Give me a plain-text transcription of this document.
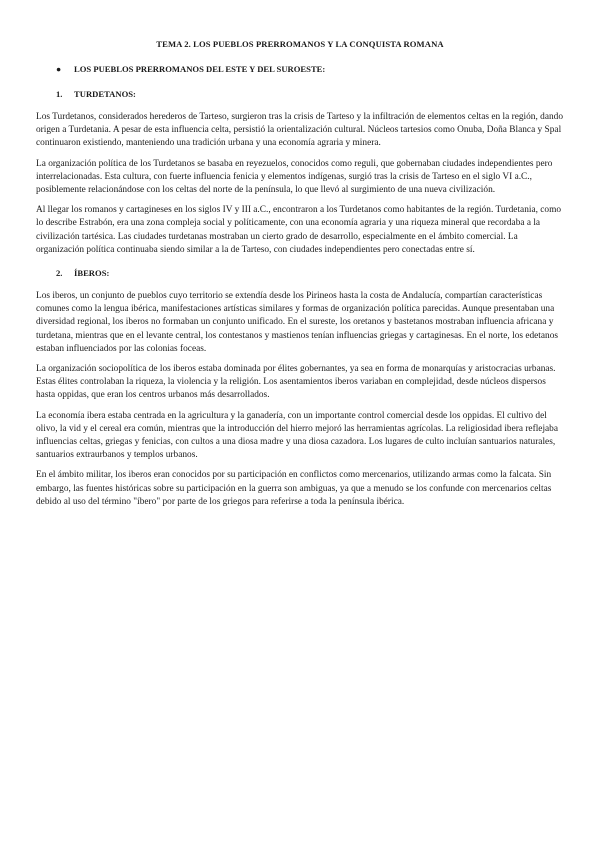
TEMA 2. LOS PUEBLOS PRERROMANOS Y LA CONQUISTA ROMANA
●	LOS PUEBLOS PRERROMANOS DEL ESTE Y DEL SUROESTE:
1.	TURDETANOS:

Los Turdetanos, considerados herederos de Tarteso, surgieron tras la crisis de Tarteso y la infiltración de elementos celtas en la región, dando origen a Turdetania. A pesar de esta influencia celta, persistió la orientalización cultural. Núcleos tartesios como Onuba, Doña Blanca y Spal continuaron existiendo, manteniendo una tradición urbana y una economía agraria y minera.

La organización política de los Turdetanos se basaba en reyezuelos, conocidos como reguli, que gobernaban ciudades independientes pero interrelacionadas. Esta cultura, con fuerte influencia fenicia y elementos indígenas, surgió tras la crisis de Tarteso en el siglo VI a.C., posiblemente relacionándose con los celtas del norte de la península, lo que llevó al surgimiento de una nueva civilización.

Al llegar los romanos y cartagineses en los siglos IV y III a.C., encontraron a los Turdetanos como habitantes de la región. Turdetania, como lo describe Estrabón, era una zona compleja social y políticamente, con una economía agraria y una riqueza mineral que recordaba a la civilización tartésica. Las ciudades turdetanas mostraban un cierto grado de desarrollo, especialmente en el ámbito comercial. La organización política continuaba siendo similar a la de Tarteso, con ciudades independientes pero conectadas entre sí.

2.	ÍBEROS:

Los iberos, un conjunto de pueblos cuyo territorio se extendía desde los Pirineos hasta la costa de Andalucía, compartían características comunes como la lengua ibérica, manifestaciones artísticas similares y formas de organización política parecidas. Aunque presentaban una diversidad regional, los iberos no formaban un conjunto unificado. En el sureste, los oretanos y bastetanos mostraban influencia africana y turdetana, mientras que en el levante central, los contestanos y mastienos tenían influencias griegas y cartaginesas. En el norte, los edetanos estaban influenciados por las colonias foceas.

La organización sociopolítica de los iberos estaba dominada por élites gobernantes, ya sea en forma de monarquías y aristocracias urbanas. Estas élites controlaban la riqueza, la violencia y la religión. Los asentamientos iberos variaban en complejidad, desde núcleos dispersos hasta oppidas, que eran los centros urbanos más desarrollados.

La economía ibera estaba centrada en la agricultura y la ganadería, con un importante control comercial desde los oppidas. El cultivo del olivo, la vid y el cereal era común, mientras que la introducción del hierro mejoró las herramientas agrícolas. La religiosidad ibera reflejaba influencias celtas, griegas y fenicias, con cultos a una diosa madre y una diosa cazadora. Los lugares de culto incluían santuarios naturales, santuarios extraurbanos y templos urbanos.

En el ámbito militar, los iberos eran conocidos por su participación en conflictos como mercenarios, utilizando armas como la falcata. Sin embargo, las fuentes históricas sobre su participación en la guerra son ambiguas, ya que a menudo se los confunde con mercenarios celtas debido al uso del término "íbero" por parte de los griegos para referirse a toda la península ibérica.
